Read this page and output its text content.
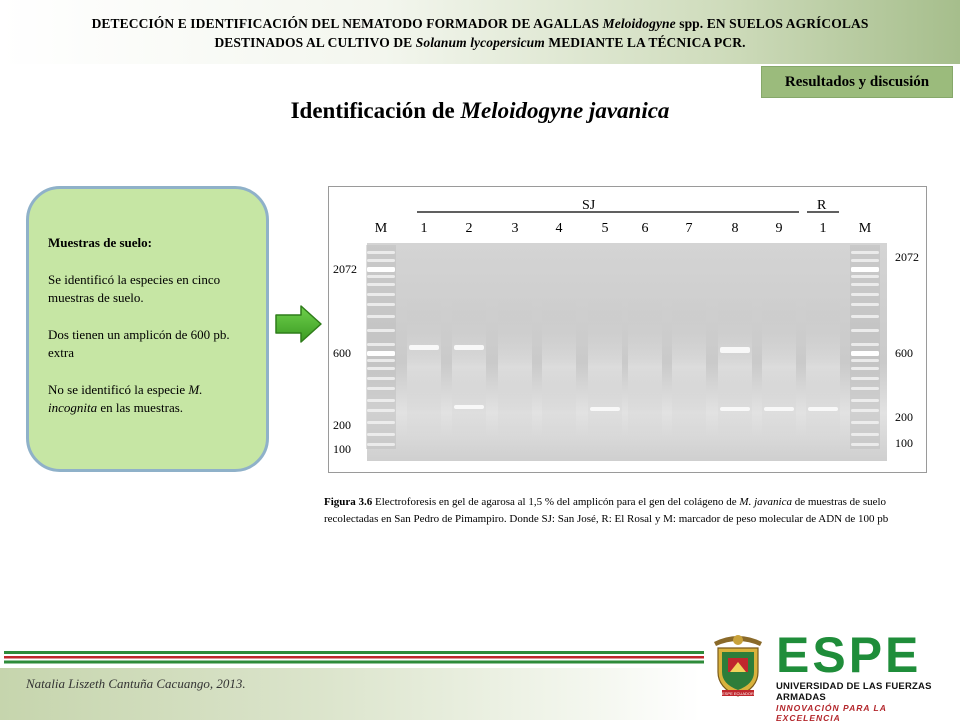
DETECCIÓN E IDENTIFICACIÓN DEL NEMATODO FORMADOR DE AGALLAS Meloidogyne spp. EN SUELOS AGRÍCOLAS
DESTINADOS AL CULTIVO DE Solanum lycopersicum MEDIANTE LA TÉCNICA PCR.
Resultados y discusión
Identificación de Meloidogyne javanica

Muestras de suelo:

Se identificó la especies en cinco muestras de suelo.

Dos tienen un amplicón de 600 pb. extra

No se identificó la especie M. incognita en las muestras.

SJ	R
M 1	2	3	4	5 6	7	8	9	1 M
2072
600
200
100
2072
600
200
100
Figura 3.6 Electroforesis en gel de agarosa al 1,5 % del amplicón para el gen del colágeno de M. javanica de muestras de suelo recolectadas en San Pedro de Pimampiro. Donde SJ: San José, R: El Rosal y M: marcador de peso molecular de ADN de 100 pb
Natalia Liszeth Cantuña Cacuango, 2013.
ESPE ECUADOR
ESPE
UNIVERSIDAD DE LAS FUERZAS ARMADAS
INNOVACIÓN PARA LA EXCELENCIA
